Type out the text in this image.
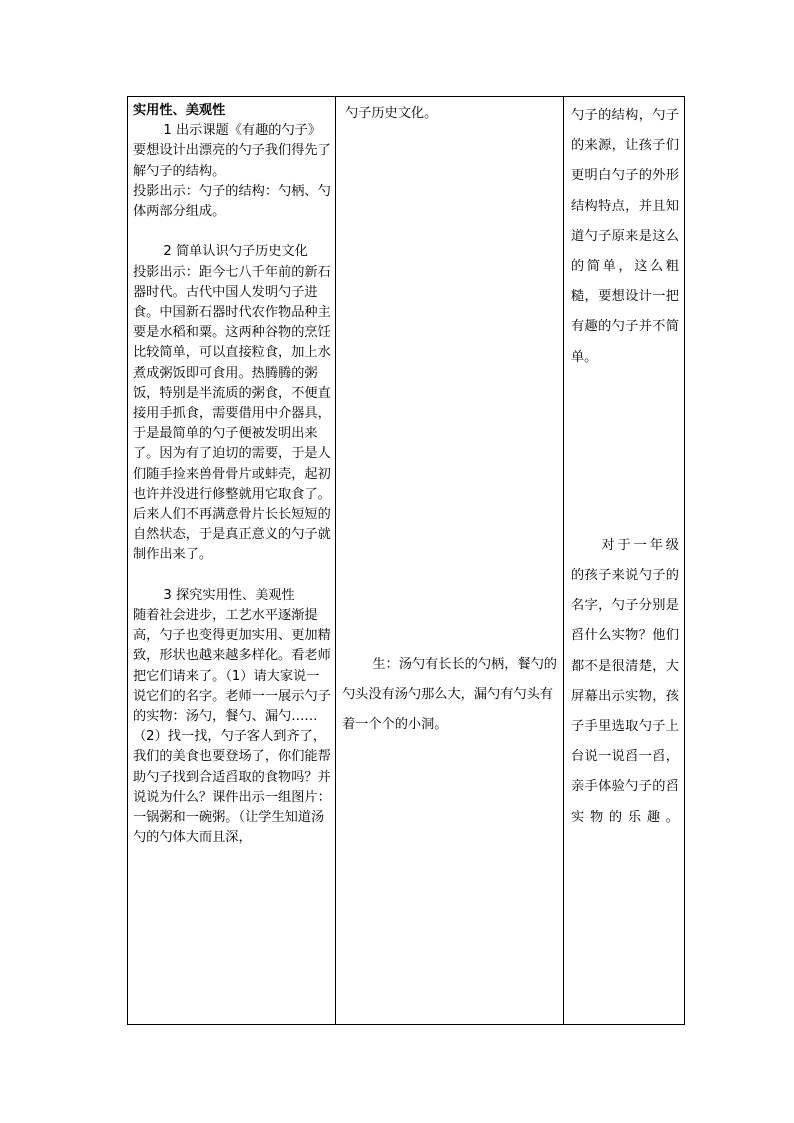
实用性、美观性

1 出示课题《有趣的勺子》

要想设计出漂亮的勺子我们得先了解勺子的结构。

投影出示：勺子的结构：勺柄、勺体两部分组成。

2 简单认识勺子历史文化

投影出示：距今七八千年前的新石器时代。古代中国人发明勺子进食。中国新石器时代农作物品种主要是水稻和粟。这两种谷物的烹饪比较简单，可以直接粒食，加上水煮成粥饭即可食用。热腾腾的粥饭，特别是半流质的粥食，不便直接用手抓食，需要借用中介器具，于是最简单的勺子便被发明出来了。因为有了迫切的需要，于是人们随手捡来兽骨骨片或蚌壳，起初也许并没进行修整就用它取食了。后来人们不再满意骨片长长短短的自然状态，于是真正意义的勺子就制作出来了。

3 探究实用性、美观性

随着社会进步，工艺水平逐渐提高，勺子也变得更加实用、更加精致，形状也越来越多样化。看老师把它们请来了。（1）请大家说一说它们的名字。老师一一展示勺子的实物：汤勺，餐勺、漏勺……（2）找一找，勺子客人到齐了，我们的美食也要登场了，你们能帮助勺子找到合适舀取的食物吗？并说说为什么？课件出示一组图片：一锅粥和一碗粥。（让学生知道汤勺的勺体大而且深，

勺子历史文化。

生：汤勺有长长的勺柄，餐勺的勺头没有汤勺那么大，漏勺有勺头有着一个个的小洞。

勺子的结构，勺子的来源，让孩子们更明白勺子的外形结构特点，并且知道勺子原来是这么的简单，这么粗糙，要想设计一把有趣的勺子并不简单。

对于一年级的孩子来说勺子的名字，勺子分别是舀什么实物？他们都不是很清楚，大屏幕出示实物，孩子手里选取勺子上台说一说舀一舀，亲手体验勺子的舀实物的乐趣。
